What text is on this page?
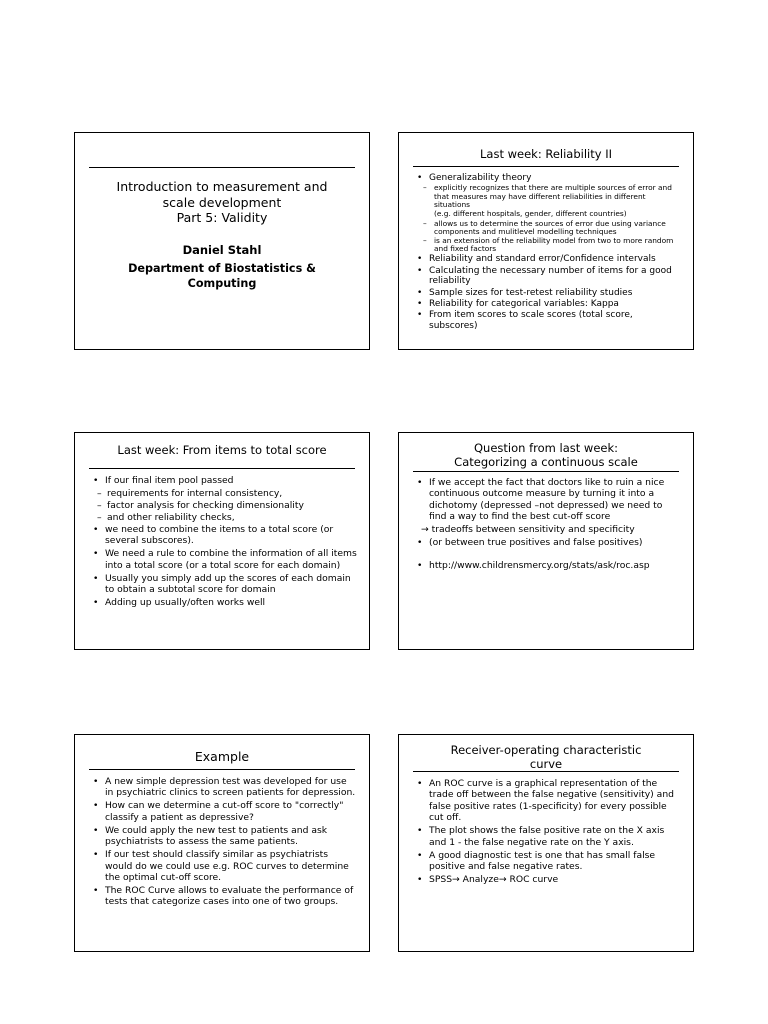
Introduction to measurement and
scale development
Part 5: Validity
Daniel Stahl
Department of Biostatistics &
Computing
Last week: Reliability II
• Generalizability theory
– explicitly recognizes that there are multiple sources of error and that measures may have different reliabilities in different situations
(e.g. different hospitals, gender, different countries)
– allows us to determine the sources of error due using variance components and mulitlevel modelling techniques
– is an extension of the reliability model from two to more random and fixed factors
• Reliability and standard error/Confidence intervals
• Calculating the necessary number of items for a good reliability
• Sample sizes for test-retest reliability studies
• Reliability for categorical variables: Kappa
• From item scores to scale scores (total score, subscores)
Last week: From items to total score
• If our final item pool passed
– requirements for internal consistency,
– factor analysis for checking dimensionality
– and other reliability checks,
• we need to combine the items to a total score (or several subscores).
• We need a rule to combine the information of all items into a total score (or a total score for each domain)
• Usually you simply add up the scores of each domain to obtain a subtotal score for domain
• Adding up usually/often works well
Question from last week:
Categorizing a continuous scale
• If we accept the fact that doctors like to ruin a nice continuous outcome measure by turning it into a dichotomy (depressed –not depressed) we need to find a way to find the best cut-off score
→ tradeoffs between sensitivity and specificity
• (or between true positives and false positives)
• http://www.childrensmercy.org/stats/ask/roc.asp
Example
• A new simple depression test was developed for use in psychiatric clinics to screen patients for depression.
• How can we determine a cut-off score to "correctly" classify a patient as depressive?
• We could apply the new test to patients and ask psychiatrists to assess the same patients.
• If our test should classify similar as psychiatrists would do we could use e.g. ROC curves to determine the optimal cut-off score.
• The ROC Curve allows to evaluate the performance of tests that categorize cases into one of two groups.
Receiver-operating characteristic
curve
• An ROC curve is a graphical representation of the trade off between the false negative (sensitivity) and false positive rates (1-specificity) for every possible cut off.
• The plot shows the false positive rate on the X axis and 1 - the false negative rate on the Y axis.
• A good diagnostic test is one that has small false positive and false negative rates.
• SPSS→ Analyze→ ROC curve
